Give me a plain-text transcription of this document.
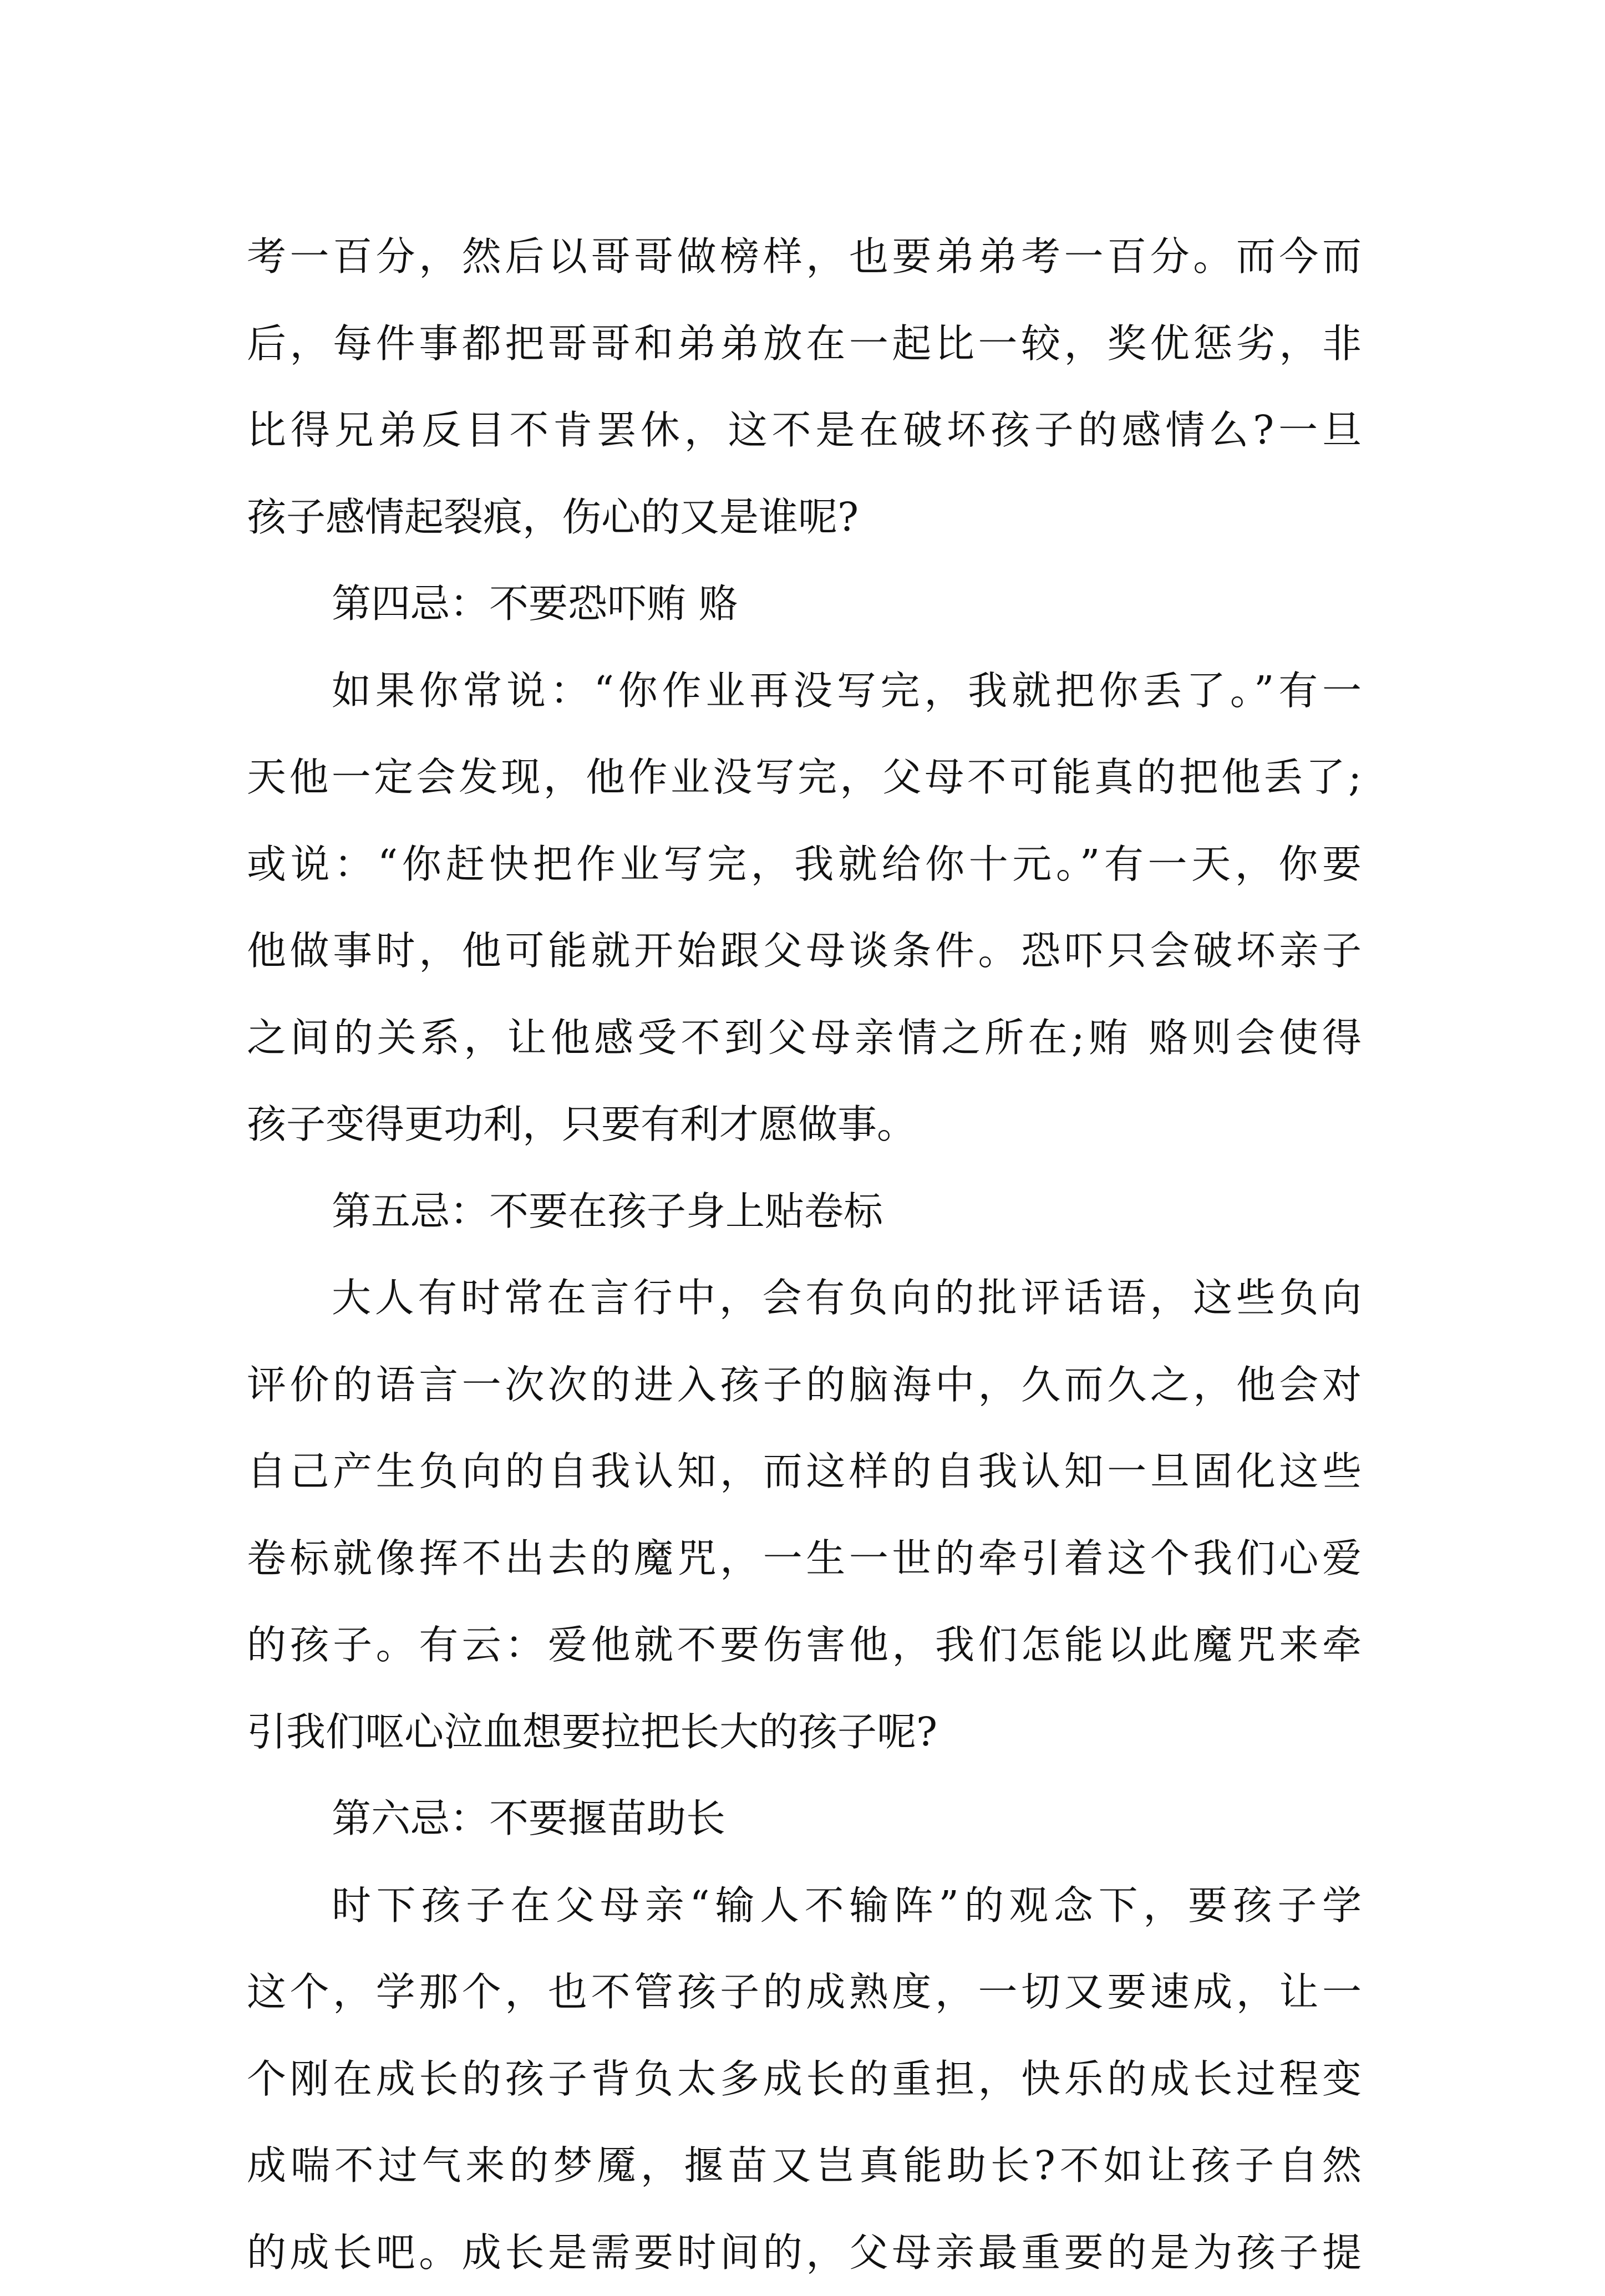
考一百分，然后以哥哥做榜样，也要弟弟考一百分。而今而
后，每件事都把哥哥和弟弟放在一起比一较，奖优惩劣，非
比得兄弟反目不肯罢休，这不是在破坏孩子的感情么?一旦
孩子感情起裂痕，伤心的又是谁呢?
第四忌：不要恐吓贿 赂
如果你常说：“你作业再没写完，我就把你丢了。”有一
天他一定会发现，他作业没写完，父母不可能真的把他丢了;
或说：“你赶快把作业写完，我就给你十元。”有一天，你要
他做事时，他可能就开始跟父母谈条件。恐吓只会破坏亲子
之间的关系，让他感受不到父母亲情之所在;贿 赂则会使得
孩子变得更功利，只要有利才愿做事。
第五忌：不要在孩子身上贴卷标
大人有时常在言行中，会有负向的批评话语，这些负向
评价的语言一次次的进入孩子的脑海中，久而久之，他会对
自己产生负向的自我认知，而这样的自我认知一旦固化这些
卷标就像挥不出去的魔咒，一生一世的牵引着这个我们心爱
的孩子。有云：爱他就不要伤害他，我们怎能以此魔咒来牵
引我们呕心泣血想要拉把长大的孩子呢?
第六忌：不要揠苗助长
时下孩子在父母亲“输人不输阵”的观念下，要孩子学
这个，学那个，也不管孩子的成熟度，一切又要速成，让一
个刚在成长的孩子背负太多成长的重担，快乐的成长过程变
成喘不过气来的梦魇，揠苗又岂真能助长?不如让孩子自然
的成长吧。成长是需要时间的，父母亲最重要的是为孩子提
